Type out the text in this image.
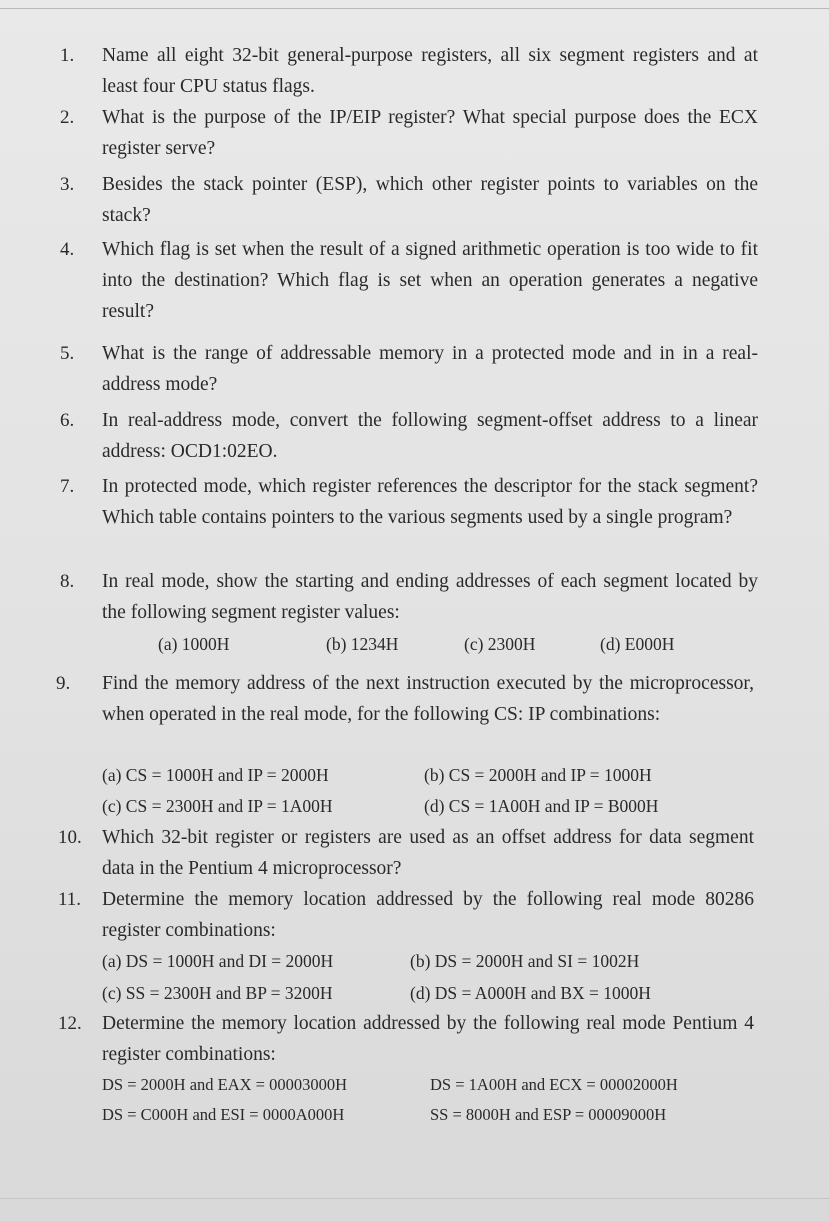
1. Name all eight 32-bit general-purpose registers, all six segment registers and at least four CPU status flags.
2. What is the purpose of the IP/EIP register? What special purpose does the ECX register serve?
3. Besides the stack pointer (ESP), which other register points to variables on the stack?
4. Which flag is set when the result of a signed arithmetic operation is too wide to fit into the destination? Which flag is set when an operation generates a negative result?
5. What is the range of addressable memory in a protected mode and in in a real-address mode?
6. In real-address mode, convert the following segment-offset address to a linear address: OCD1:02EO.
7. In protected mode, which register references the descriptor for the stack segment? Which table contains pointers to the various segments used by a single program?
8. In real mode, show the starting and ending addresses of each segment located by the following segment register values:
(a) 1000H	(b) 1234H	(c) 2300H	(d) E000H
9. Find the memory address of the next instruction executed by the microprocessor, when operated in the real mode, for the following CS: IP combinations:
(a) CS = 1000H and IP = 2000H	(b) CS = 2000H and IP = 1000H
(c) CS = 2300H and IP = 1A00H	(d) CS = 1A00H and IP = B000H
10. Which 32-bit register or registers are used as an offset address for data segment data in the Pentium 4 microprocessor?
11. Determine the memory location addressed by the following real mode 80286 register combinations:
(a) DS = 1000H and DI = 2000H	(b) DS = 2000H and SI = 1002H
(c) SS = 2300H and BP = 3200H	(d) DS = A000H and BX = 1000H
12. Determine the memory location addressed by the following real mode Pentium 4 register combinations:
DS = 2000H and EAX = 00003000H	DS = 1A00H and ECX = 00002000H
DS = C000H and ESI = 0000A000H	SS = 8000H and ESP = 00009000H
